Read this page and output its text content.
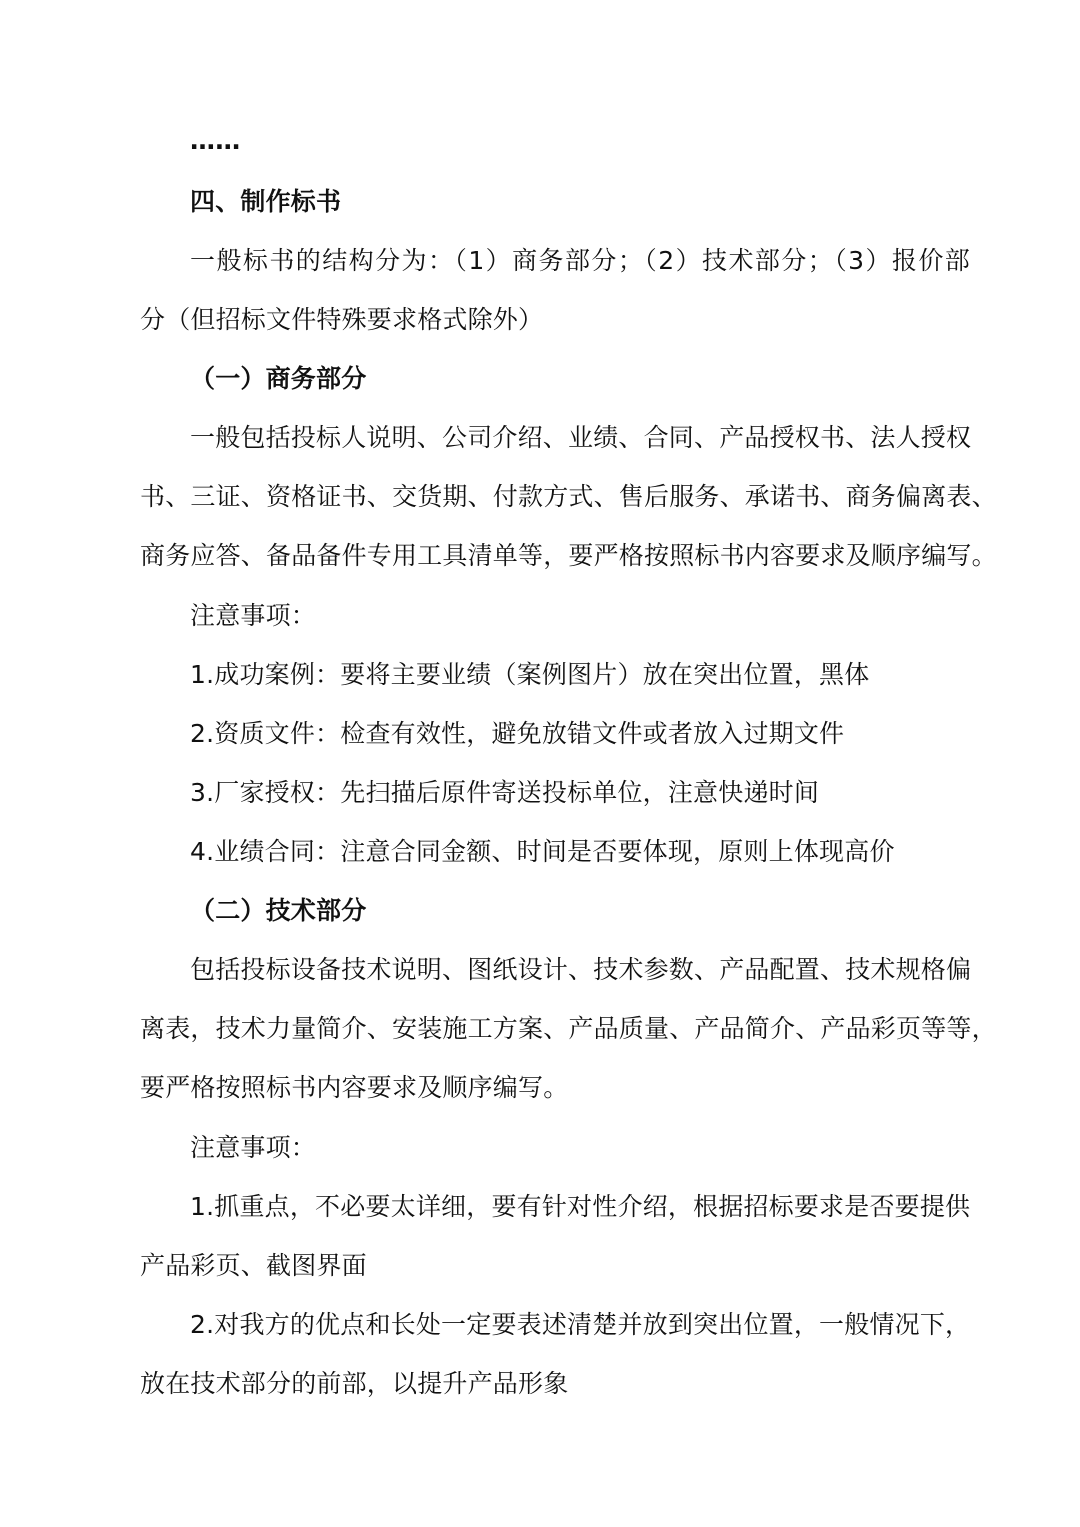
……
四、制作标书
一般标书的结构分为：（1）商务部分；（2）技术部分；（3）报价部
分（但招标文件特殊要求格式除外）
（一）商务部分
一般包括投标人说明、公司介绍、业绩、合同、产品授权书、法人授权
书、三证、资格证书、交货期、付款方式、售后服务、承诺书、商务偏离表、
商务应答、备品备件专用工具清单等，要严格按照标书内容要求及顺序编写。
注意事项：
1.成功案例：要将主要业绩（案例图片）放在突出位置，黑体
2.资质文件：检查有效性，避免放错文件或者放入过期文件
3.厂家授权：先扫描后原件寄送投标单位，注意快递时间
4.业绩合同：注意合同金额、时间是否要体现，原则上体现高价
（二）技术部分
包括投标设备技术说明、图纸设计、技术参数、产品配置、技术规格偏
离表，技术力量简介、安装施工方案、产品质量、产品简介、产品彩页等等，
要严格按照标书内容要求及顺序编写。
注意事项：
1.抓重点，不必要太详细，要有针对性介绍，根据招标要求是否要提供
产品彩页、截图界面
2.对我方的优点和长处一定要表述清楚并放到突出位置，一般情况下，
放在技术部分的前部，以提升产品形象
